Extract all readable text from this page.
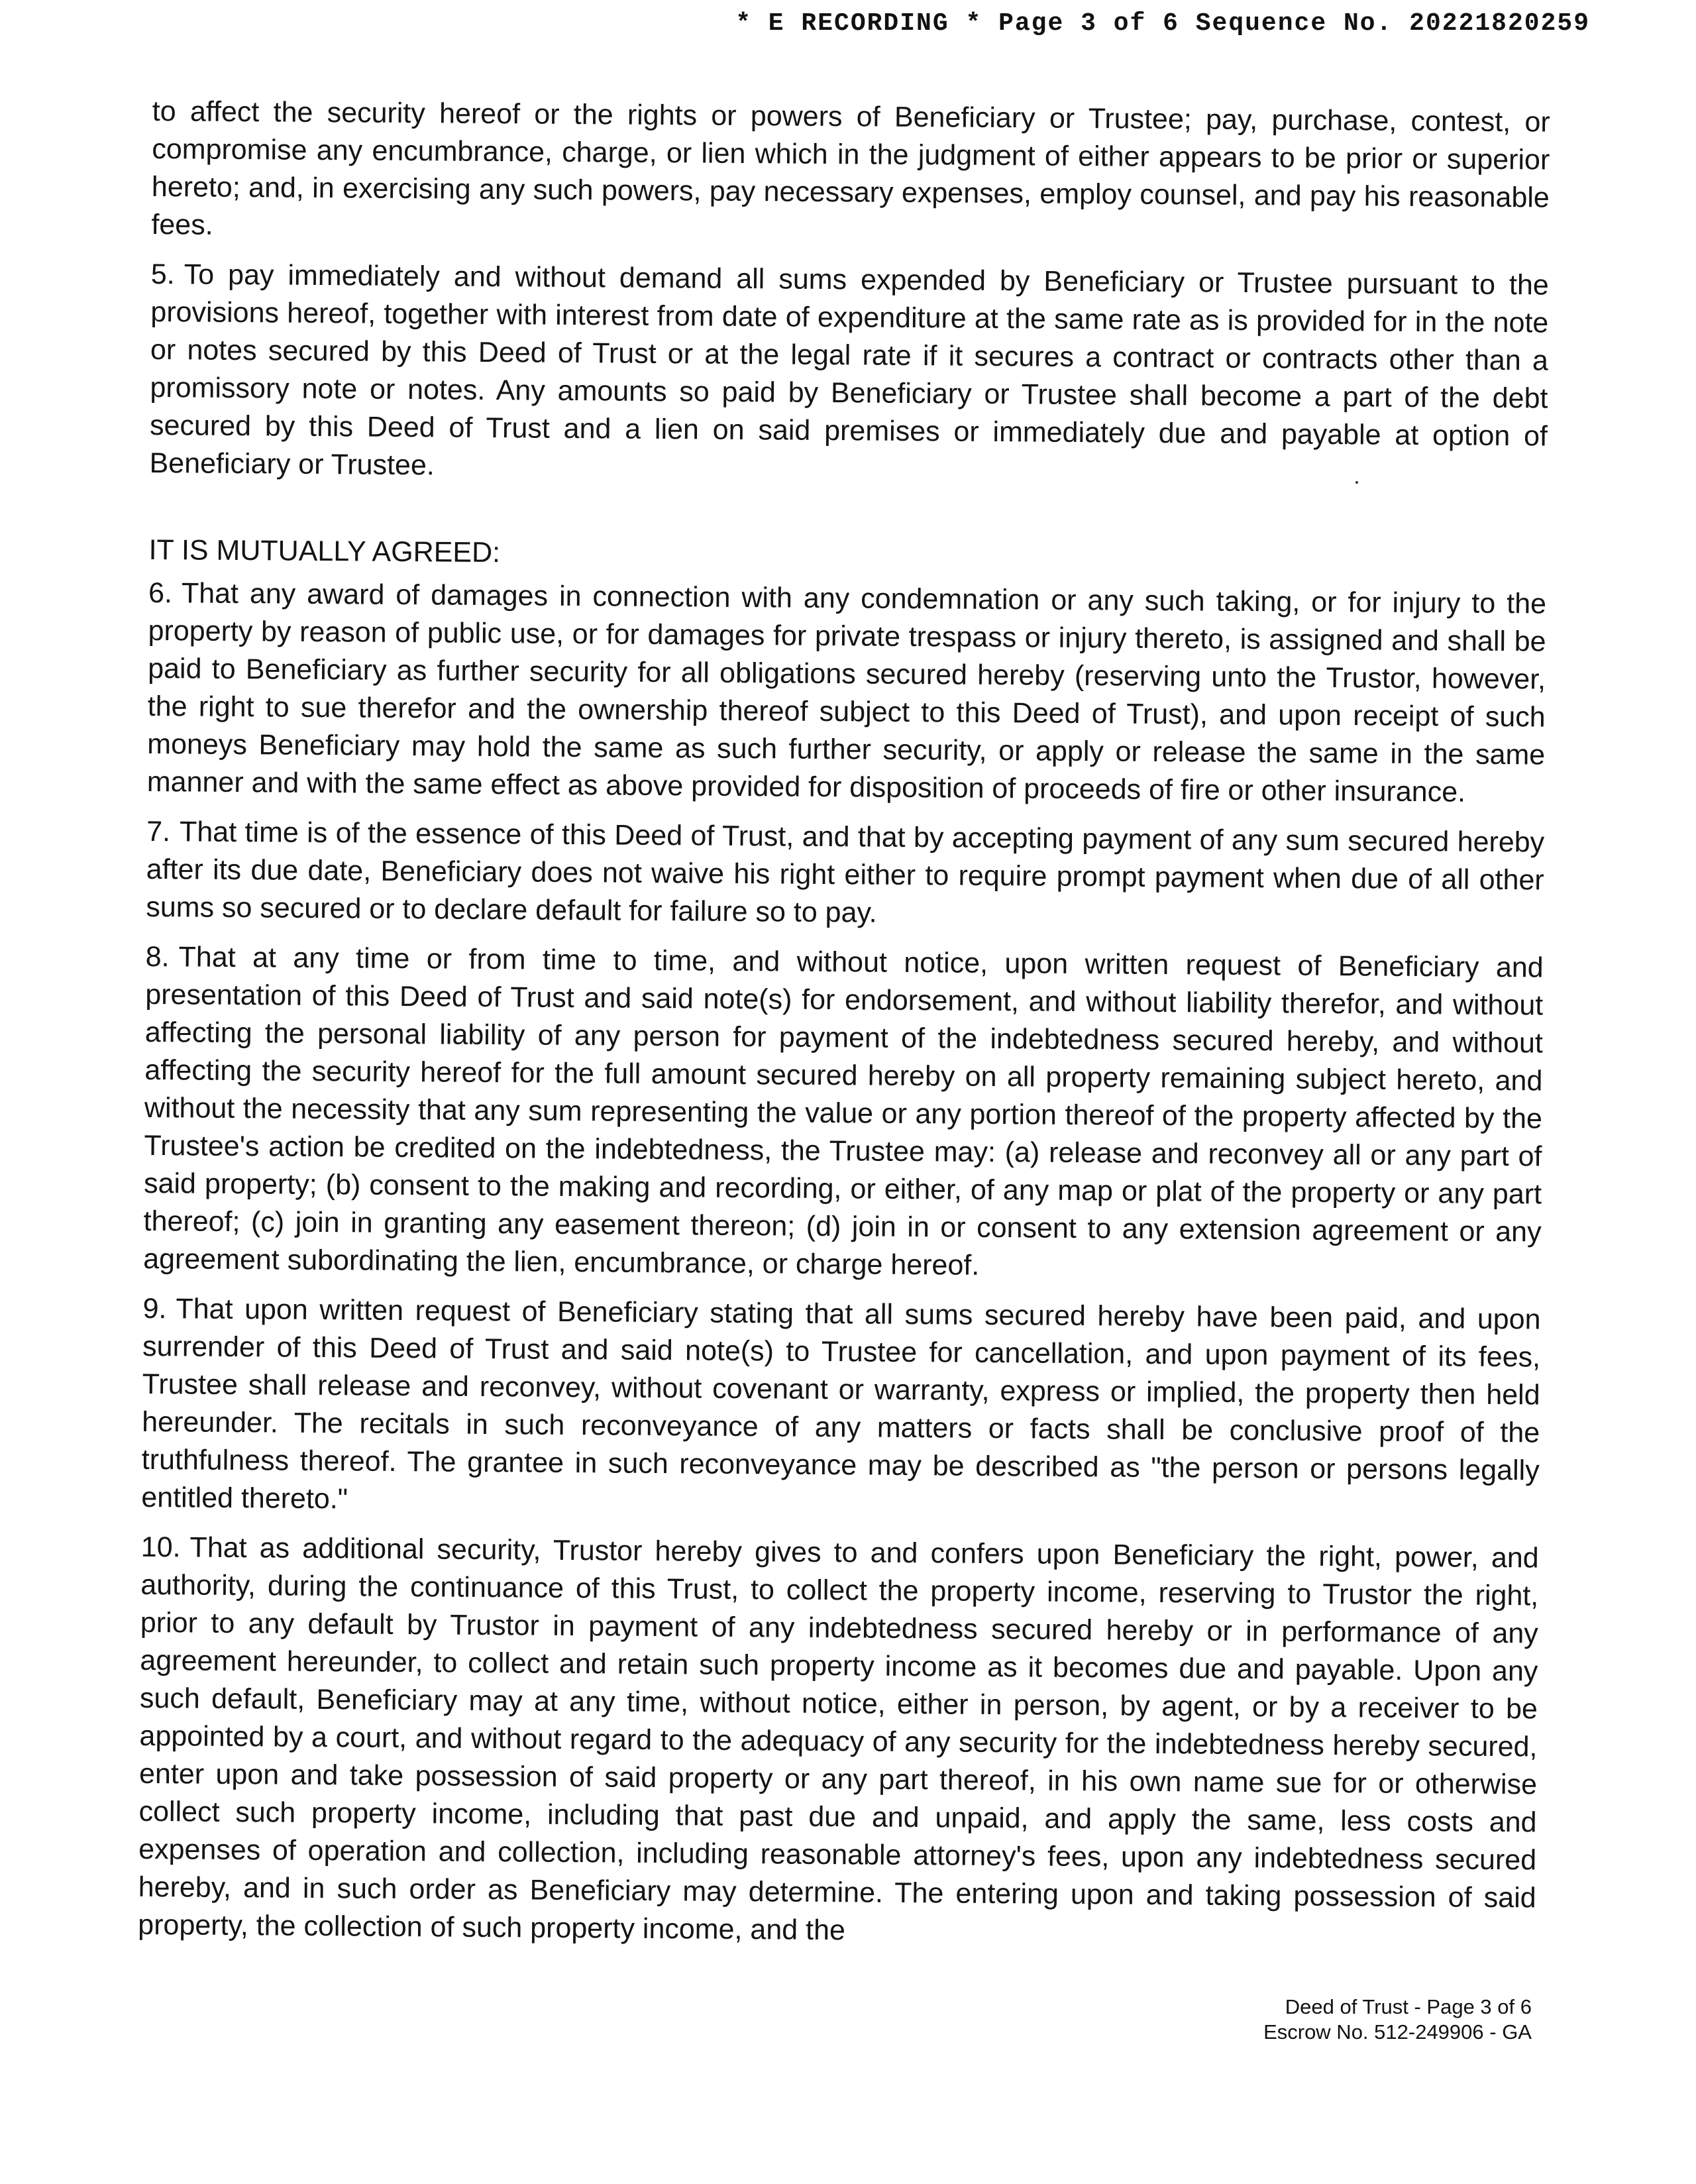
* E RECORDING * Page 3 of 6 Sequence No. 20221820259

to affect the security hereof or the rights or powers of Beneficiary or Trustee; pay, purchase, contest, or compromise any encumbrance, charge, or lien which in the judgment of either appears to be prior or superior hereto; and, in exercising any such powers, pay necessary expenses, employ counsel, and pay his reasonable fees.

5. To pay immediately and without demand all sums expended by Beneficiary or Trustee pursuant to the provisions hereof, together with interest from date of expenditure at the same rate as is provided for in the note or notes secured by this Deed of Trust or at the legal rate if it secures a contract or contracts other than a promissory note or notes. Any amounts so paid by Beneficiary or Trustee shall become a part of the debt secured by this Deed of Trust and a lien on said premises or immediately due and payable at option of Beneficiary or Trustee.

IT IS MUTUALLY AGREED:

6. That any award of damages in connection with any condemnation or any such taking, or for injury to the property by reason of public use, or for damages for private trespass or injury thereto, is assigned and shall be paid to Beneficiary as further security for all obligations secured hereby (reserving unto the Trustor, however, the right to sue therefor and the ownership thereof subject to this Deed of Trust), and upon receipt of such moneys Beneficiary may hold the same as such further security, or apply or release the same in the same manner and with the same effect as above provided for disposition of proceeds of fire or other insurance.

7. That time is of the essence of this Deed of Trust, and that by accepting payment of any sum secured hereby after its due date, Beneficiary does not waive his right either to require prompt payment when due of all other sums so secured or to declare default for failure so to pay.

8. That at any time or from time to time, and without notice, upon written request of Beneficiary and presentation of this Deed of Trust and said note(s) for endorsement, and without liability therefor, and without affecting the personal liability of any person for payment of the indebtedness secured hereby, and without affecting the security hereof for the full amount secured hereby on all property remaining subject hereto, and without the necessity that any sum representing the value or any portion thereof of the property affected by the Trustee's action be credited on the indebtedness, the Trustee may: (a) release and reconvey all or any part of said property; (b) consent to the making and recording, or either, of any map or plat of the property or any part thereof; (c) join in granting any easement thereon; (d) join in or consent to any extension agreement or any agreement subordinating the lien, encumbrance, or charge hereof.

9. That upon written request of Beneficiary stating that all sums secured hereby have been paid, and upon surrender of this Deed of Trust and said note(s) to Trustee for cancellation, and upon payment of its fees, Trustee shall release and reconvey, without covenant or warranty, express or implied, the property then held hereunder. The recitals in such reconveyance of any matters or facts shall be conclusive proof of the truthfulness thereof. The grantee in such reconveyance may be described as "the person or persons legally entitled thereto."

10. That as additional security, Trustor hereby gives to and confers upon Beneficiary the right, power, and authority, during the continuance of this Trust, to collect the property income, reserving to Trustor the right, prior to any default by Trustor in payment of any indebtedness secured hereby or in performance of any agreement hereunder, to collect and retain such property income as it becomes due and payable. Upon any such default, Beneficiary may at any time, without notice, either in person, by agent, or by a receiver to be appointed by a court, and without regard to the adequacy of any security for the indebtedness hereby secured, enter upon and take possession of said property or any part thereof, in his own name sue for or otherwise collect such property income, including that past due and unpaid, and apply the same, less costs and expenses of operation and collection, including reasonable attorney's fees, upon any indebtedness secured hereby, and in such order as Beneficiary may determine. The entering upon and taking possession of said property, the collection of such property income, and the

Deed of Trust - Page 3 of 6
Escrow No. 512-249906 - GA
